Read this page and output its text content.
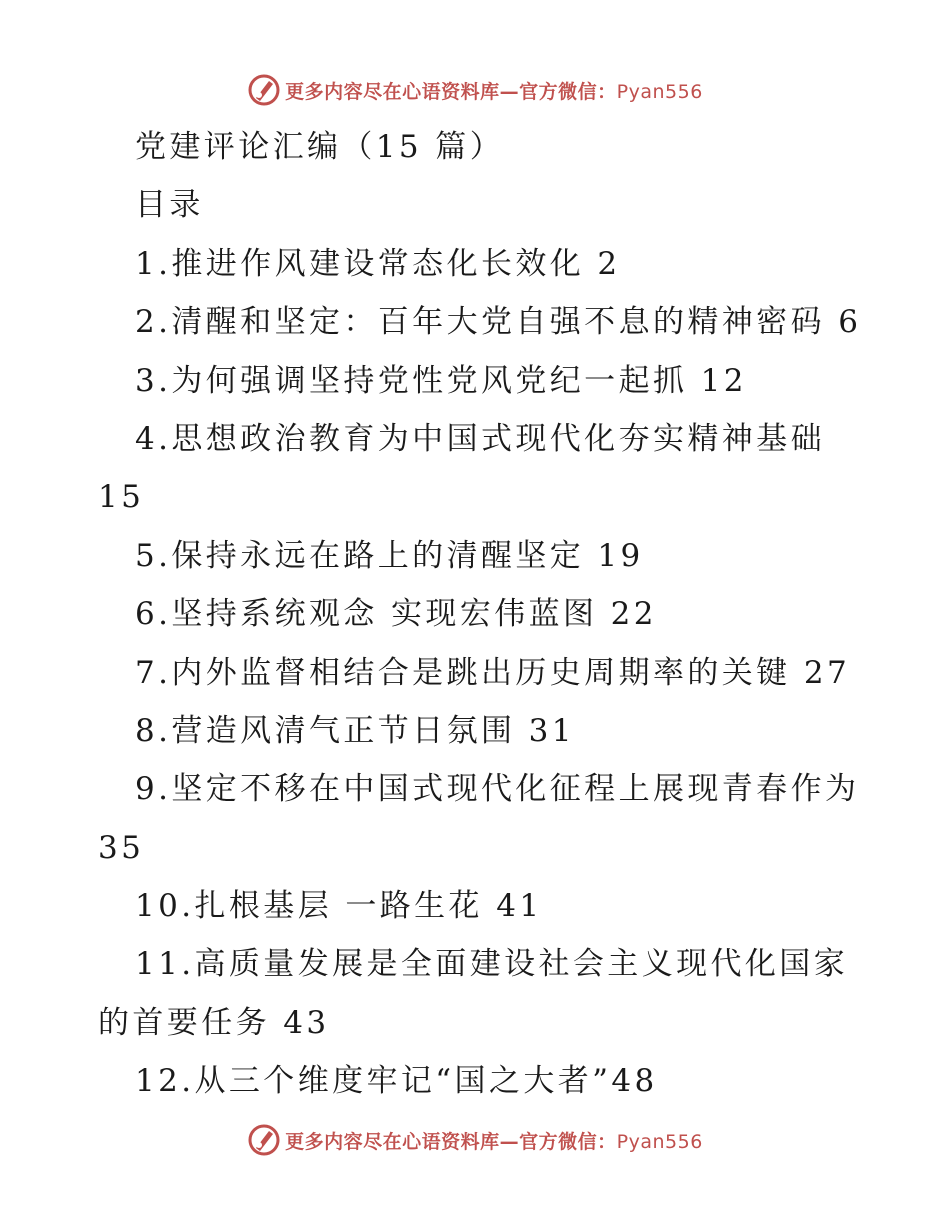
更多内容尽在心语资料库—官方微信：Pyan556
党建评论汇编（15 篇）
目录
1.推进作风建设常态化长效化 2
2.清醒和坚定：百年大党自强不息的精神密码 6
3.为何强调坚持党性党风党纪一起抓 12
4.思想政治教育为中国式现代化夯实精神基础
15
5.保持永远在路上的清醒坚定 19
6.坚持系统观念 实现宏伟蓝图 22
7.内外监督相结合是跳出历史周期率的关键 27
8.营造风清气正节日氛围 31
9.坚定不移在中国式现代化征程上展现青春作为
35
10.扎根基层 一路生花 41
11.高质量发展是全面建设社会主义现代化国家
的首要任务 43
12.从三个维度牢记“国之大者”48
更多内容尽在心语资料库—官方微信：Pyan556
